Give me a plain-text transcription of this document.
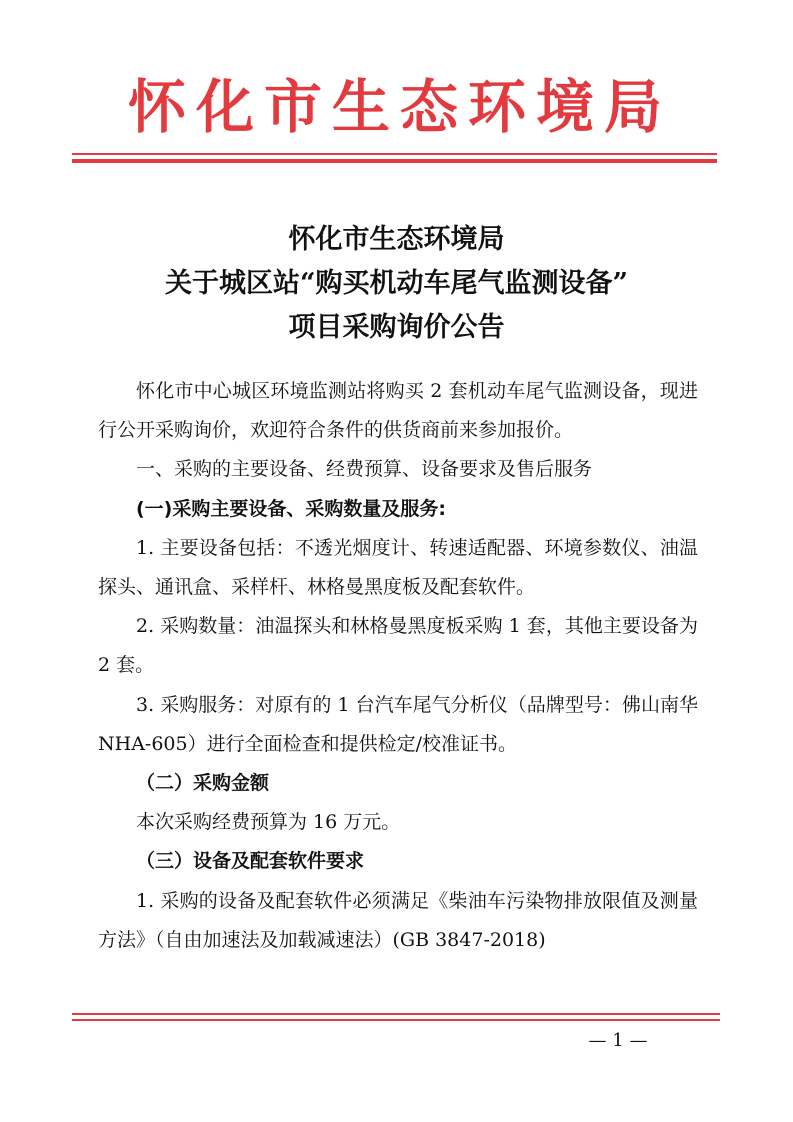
怀化市生态环境局
怀化市生态环境局
关于城区站“购买机动车尾气监测设备”
项目采购询价公告

怀化市中心城区环境监测站将购买 2 套机动车尾气监测设备，现进行公开采购询价，欢迎符合条件的供货商前来参加报价。

一、采购的主要设备、经费预算、设备要求及售后服务

(一)采购主要设备、采购数量及服务:

1. 主要设备包括：不透光烟度计、转速适配器、环境参数仪、油温探头、通讯盒、采样杆、林格曼黑度板及配套软件。

2. 采购数量：油温探头和林格曼黑度板采购 1 套，其他主要设备为 2 套。

3. 采购服务：对原有的 1 台汽车尾气分析仪（品牌型号：佛山南华 NHA-605）进行全面检查和提供检定/校准证书。

（二）采购金额

本次采购经费预算为 16 万元。

（三）设备及配套软件要求

1. 采购的设备及配套软件必须满足《柴油车污染物排放限值及测量方法》（自由加速法及加载减速法）(GB 3847-2018)

— 1 —
